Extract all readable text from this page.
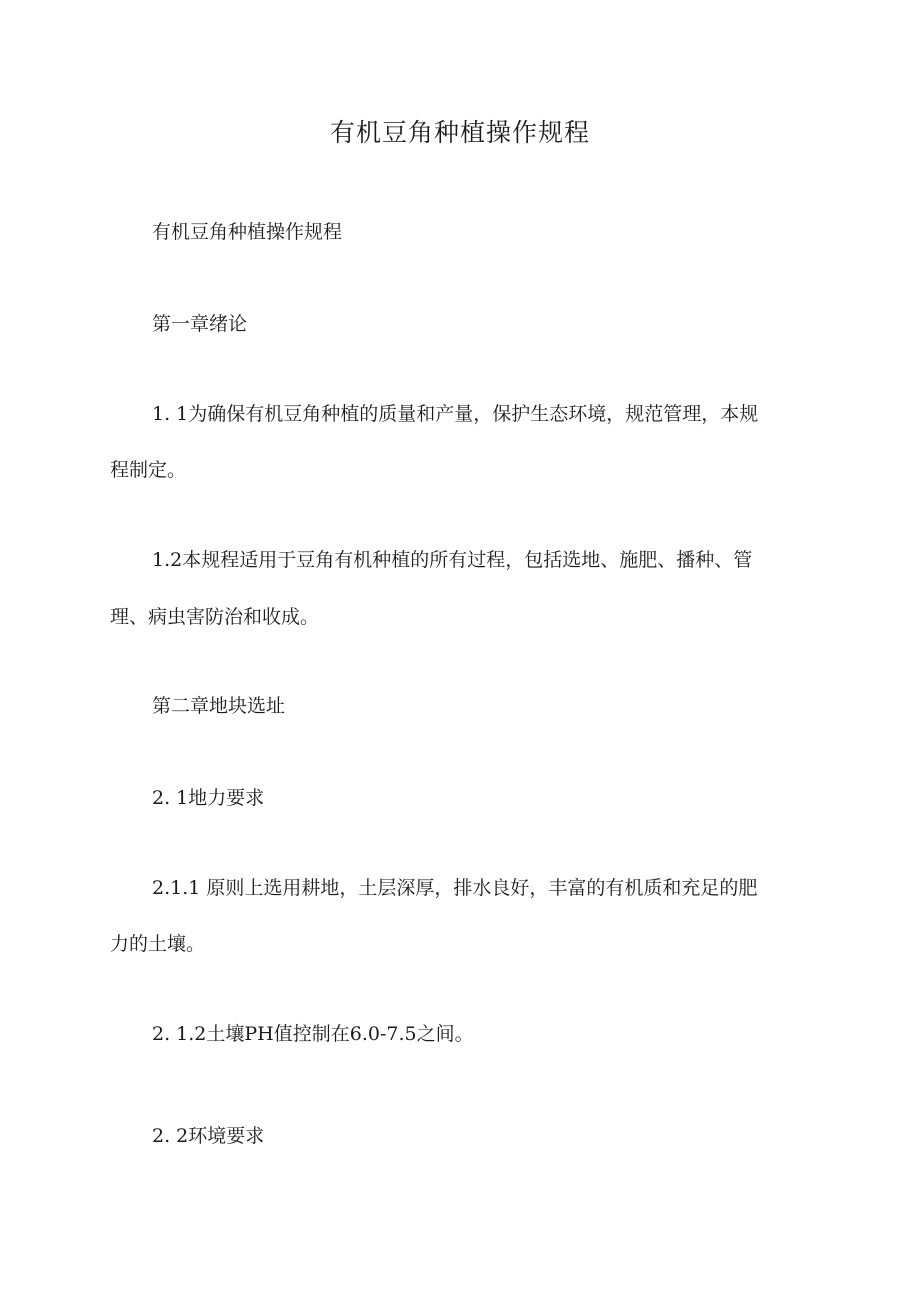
有机豆角种植操作规程

有机豆角种植操作规程

第一章绪论

1. 1为确保有机豆角种植的质量和产量，保护生态环境，规范管理，本规

程制定。

1.2本规程适用于豆角有机种植的所有过程，包括选地、施肥、播种、管

理、病虫害防治和收成。

第二章地块选址

2. 1地力要求

2.1.1 原则上选用耕地，土层深厚，排水良好，丰富的有机质和充足的肥

力的土壤。

2. 1.2土壤PH值控制在6.0-7.5之间。

2. 2环境要求
